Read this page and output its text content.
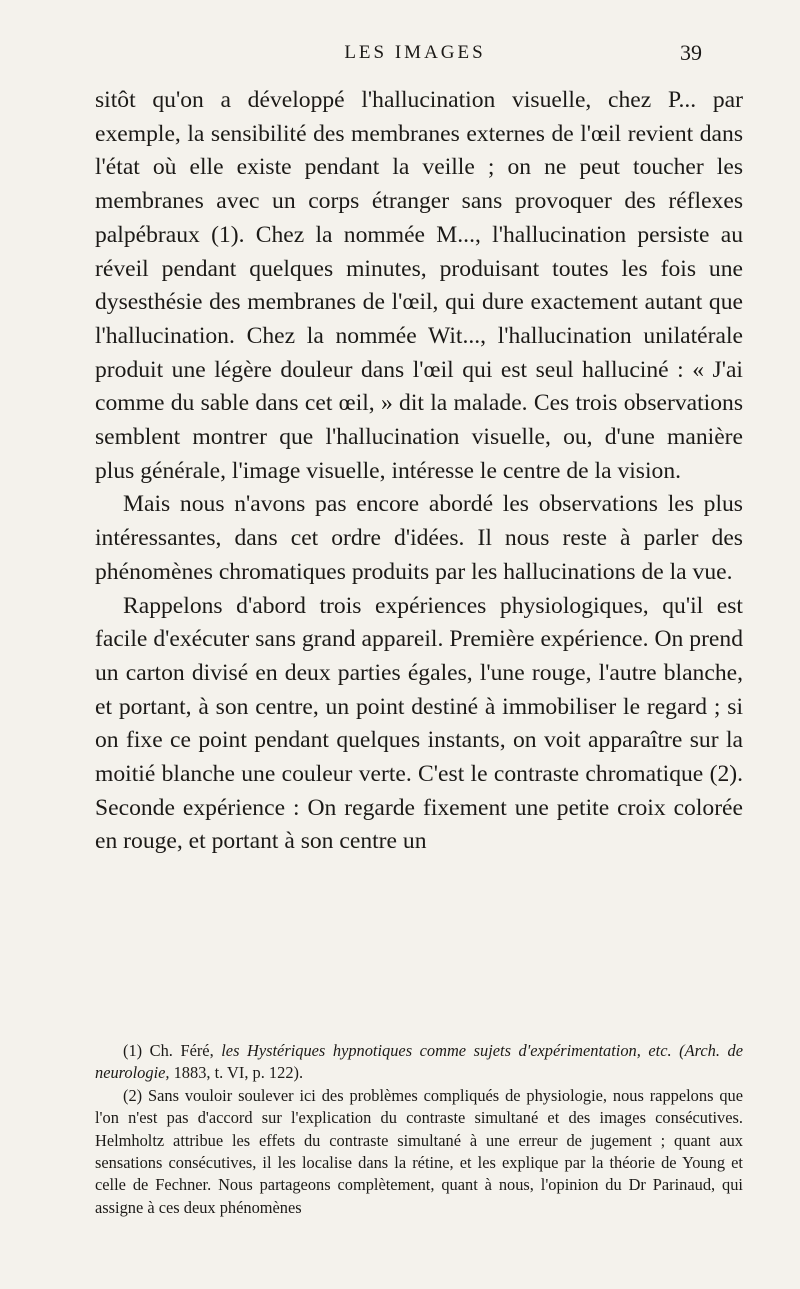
LES IMAGES	39

sitôt qu'on a développé l'hallucination visuelle, chez P... par exemple, la sensibilité des membranes externes de l'œil revient dans l'état où elle existe pendant la veille ; on ne peut toucher les membranes avec un corps étranger sans provoquer des réflexes palpébraux (1). Chez la nommée M..., l'hallucination persiste au réveil pendant quelques minutes, produisant toutes les fois une dysesthésie des membranes de l'œil, qui dure exactement autant que l'hallucination. Chez la nommée Wit..., l'hallucination unilatérale produit une légère douleur dans l'œil qui est seul halluciné : « J'ai comme du sable dans cet œil, » dit la malade. Ces trois observations semblent montrer que l'hallucination visuelle, ou, d'une manière plus générale, l'image visuelle, intéresse le centre de la vision.

Mais nous n'avons pas encore abordé les observations les plus intéressantes, dans cet ordre d'idées. Il nous reste à parler des phénomènes chromatiques produits par les hallucinations de la vue.

Rappelons d'abord trois expériences physiologiques, qu'il est facile d'exécuter sans grand appareil. Première expérience. On prend un carton divisé en deux parties égales, l'une rouge, l'autre blanche, et portant, à son centre, un point destiné à immobiliser le regard ; si on fixe ce point pendant quelques instants, on voit apparaître sur la moitié blanche une couleur verte. C'est le contraste chromatique (2). Seconde expérience : On regarde fixement une petite croix colorée en rouge, et portant à son centre un

(1) Ch. Féré, les Hystériques hypnotiques comme sujets d'expérimentation, etc. (Arch. de neurologie, 1883, t. VI, p. 122).

(2) Sans vouloir soulever ici des problèmes compliqués de physiologie, nous rappelons que l'on n'est pas d'accord sur l'explication du contraste simultané et des images consécutives. Helmholtz attribue les effets du contraste simultané à une erreur de jugement ; quant aux sensations consécutives, il les localise dans la rétine, et les explique par la théorie de Young et celle de Fechner. Nous partageons complètement, quant à nous, l'opinion du Dr Parinaud, qui assigne à ces deux phénomènes
